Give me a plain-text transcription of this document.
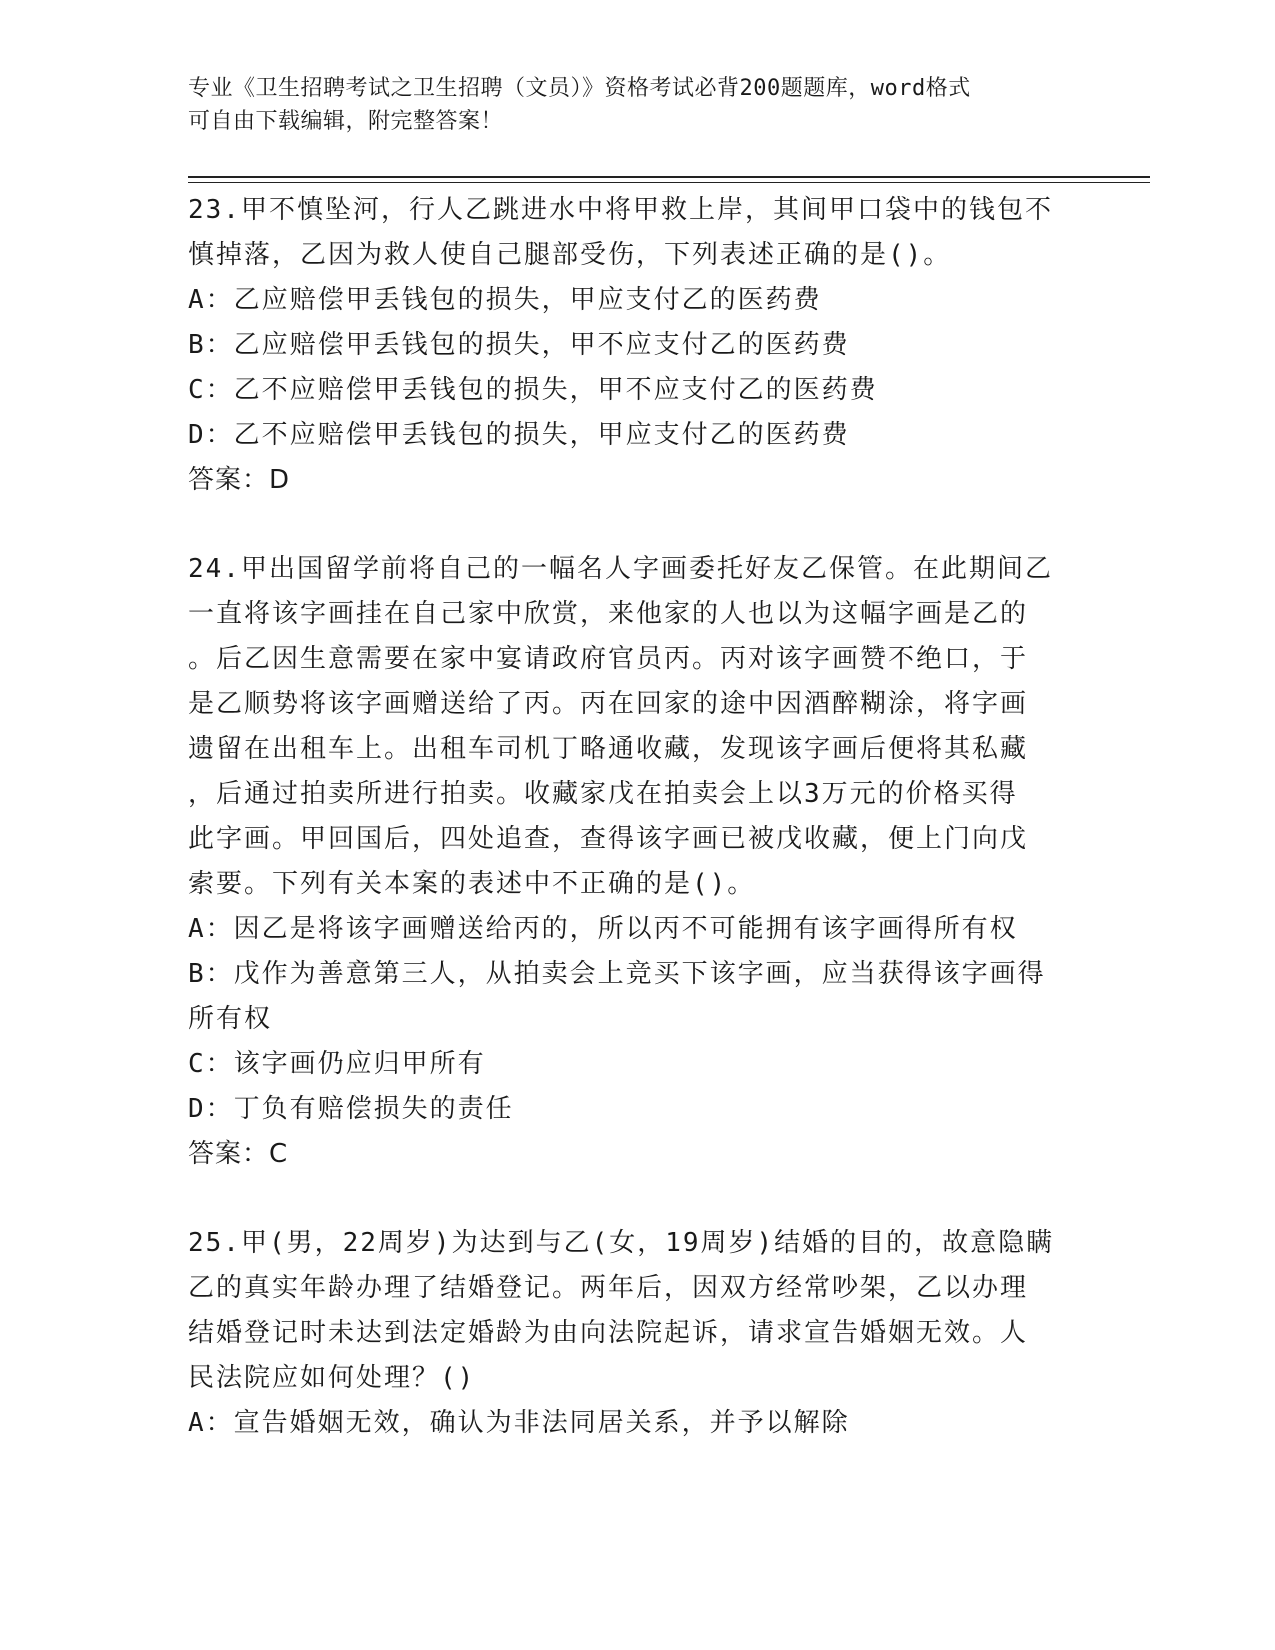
专业《卫生招聘考试之卫生招聘（文员）》资格考试必背200题题库，word格式
可自由下载编辑，附完整答案！

23.甲不慎坠河，行人乙跳进水中将甲救上岸，其间甲口袋中的钱包不

慎掉落，乙因为救人使自己腿部受伤，下列表述正确的是()。

A：乙应赔偿甲丢钱包的损失，甲应支付乙的医药费

B：乙应赔偿甲丢钱包的损失，甲不应支付乙的医药费

C：乙不应赔偿甲丢钱包的损失，甲不应支付乙的医药费

D：乙不应赔偿甲丢钱包的损失，甲应支付乙的医药费

答案：D

24.甲出国留学前将自己的一幅名人字画委托好友乙保管。在此期间乙

一直将该字画挂在自己家中欣赏，来他家的人也以为这幅字画是乙的

。后乙因生意需要在家中宴请政府官员丙。丙对该字画赞不绝口，于

是乙顺势将该字画赠送给了丙。丙在回家的途中因酒醉糊涂，将字画

遗留在出租车上。出租车司机丁略通收藏，发现该字画后便将其私藏

，后通过拍卖所进行拍卖。收藏家戊在拍卖会上以3万元的价格买得

此字画。甲回国后，四处追查，查得该字画已被戊收藏，便上门向戊

索要。下列有关本案的表述中不正确的是()。

A：因乙是将该字画赠送给丙的，所以丙不可能拥有该字画得所有权

B：戊作为善意第三人，从拍卖会上竞买下该字画，应当获得该字画得

所有权

C：该字画仍应归甲所有

D：丁负有赔偿损失的责任

答案：C

25.甲(男，22周岁)为达到与乙(女，19周岁)结婚的目的，故意隐瞒

乙的真实年龄办理了结婚登记。两年后，因双方经常吵架，乙以办理

结婚登记时未达到法定婚龄为由向法院起诉，请求宣告婚姻无效。人

民法院应如何处理？()

A：宣告婚姻无效，确认为非法同居关系，并予以解除
